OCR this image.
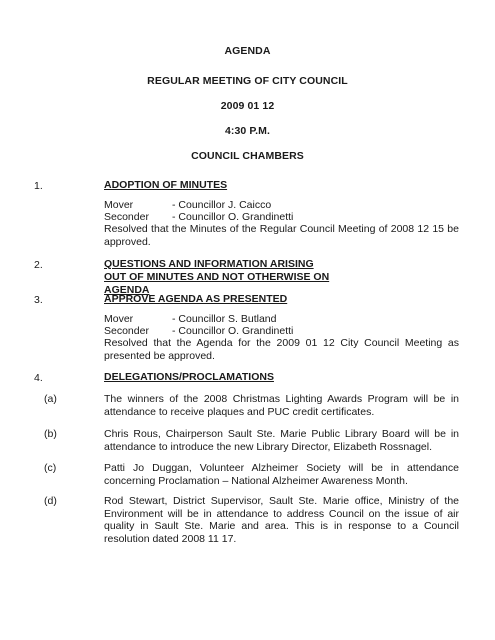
AGENDA
REGULAR MEETING OF CITY COUNCIL
2009 01 12
4:30 P.M.
COUNCIL CHAMBERS
1.	ADOPTION OF MINUTES
Mover	- Councillor J. Caicco
Seconder - Councillor O. Grandinetti
Resolved that the Minutes of the Regular Council Meeting of 2008 12 15 be approved.
2.	QUESTIONS AND INFORMATION ARISING OUT OF MINUTES AND NOT OTHERWISE ON AGENDA
3.	APPROVE AGENDA AS PRESENTED
Mover	- Councillor S. Butland
Seconder - Councillor O. Grandinetti
Resolved that the Agenda for the 2009 01 12 City Council Meeting as presented be approved.
4.	DELEGATIONS/PROCLAMATIONS
(a)	The winners of the 2008 Christmas Lighting Awards Program will be in attendance to receive plaques and PUC credit certificates.
(b)	Chris Rous, Chairperson Sault Ste. Marie Public Library Board will be in attendance to introduce the new Library Director, Elizabeth Rossnagel.
(c)	Patti Jo Duggan, Volunteer Alzheimer Society will be in attendance concerning Proclamation – National Alzheimer Awareness Month.
(d)	Rod Stewart, District Supervisor, Sault Ste. Marie office, Ministry of the Environment will be in attendance to address Council on the issue of air quality in Sault Ste. Marie and area. This is in response to a Council resolution dated 2008 11 17.
